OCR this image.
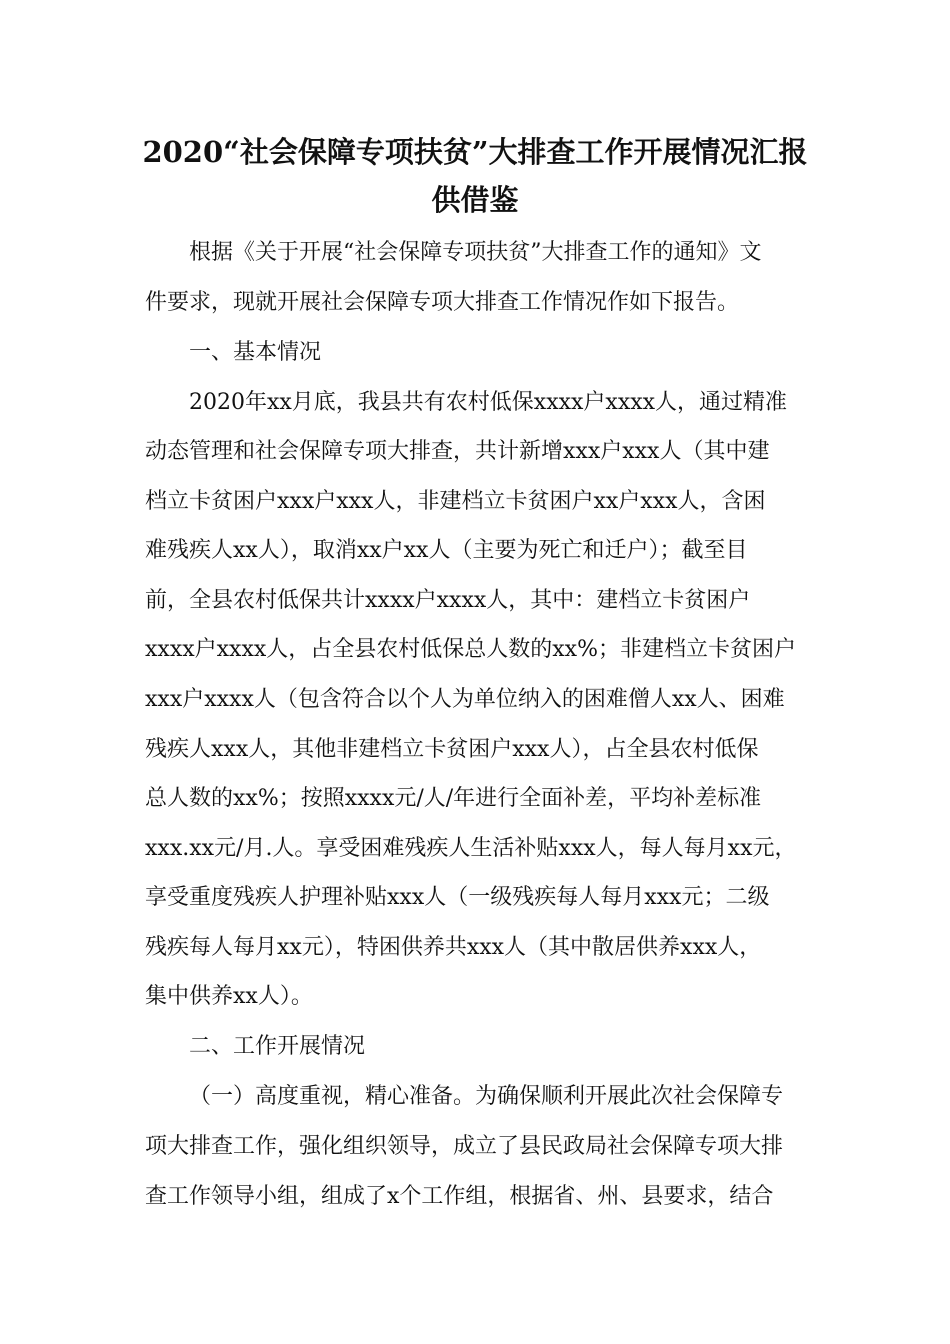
2020“社会保障专项扶贫”大排查工作开展情况汇报
供借鉴
根据《关于开展“社会保障专项扶贫”大排查工作的通知》文
件要求，现就开展社会保障专项大排查工作情况作如下报告。
一、基本情况
2020年xx月底，我县共有农村低保xxxx户xxxx人，通过精准
动态管理和社会保障专项大排查，共计新增xxx户xxx人（其中建
档立卡贫困户xxx户xxx人，非建档立卡贫困户xx户xxx人，含困
难残疾人xx人），取消xx户xx人（主要为死亡和迁户）；截至目
前，全县农村低保共计xxxx户xxxx人，其中：建档立卡贫困户
xxxx户xxxx人，占全县农村低保总人数的xx%；非建档立卡贫困户
xxx户xxxx人（包含符合以个人为单位纳入的困难僧人xx人、困难
残疾人xxx人，其他非建档立卡贫困户xxx人），占全县农村低保
总人数的xx%；按照xxxx元/人/年进行全面补差，平均补差标准
xxx.xx元/月.人。享受困难残疾人生活补贴xxx人，每人每月xx元，
享受重度残疾人护理补贴xxx人（一级残疾每人每月xxx元；二级
残疾每人每月xx元），特困供养共xxx人（其中散居供养xxx人，
集中供养xx人）。
二、工作开展情况
（一）高度重视，精心准备。为确保顺利开展此次社会保障专
项大排查工作，强化组织领导，成立了县民政局社会保障专项大排
查工作领导小组，组成了x个工作组，根据省、州、县要求，结合
